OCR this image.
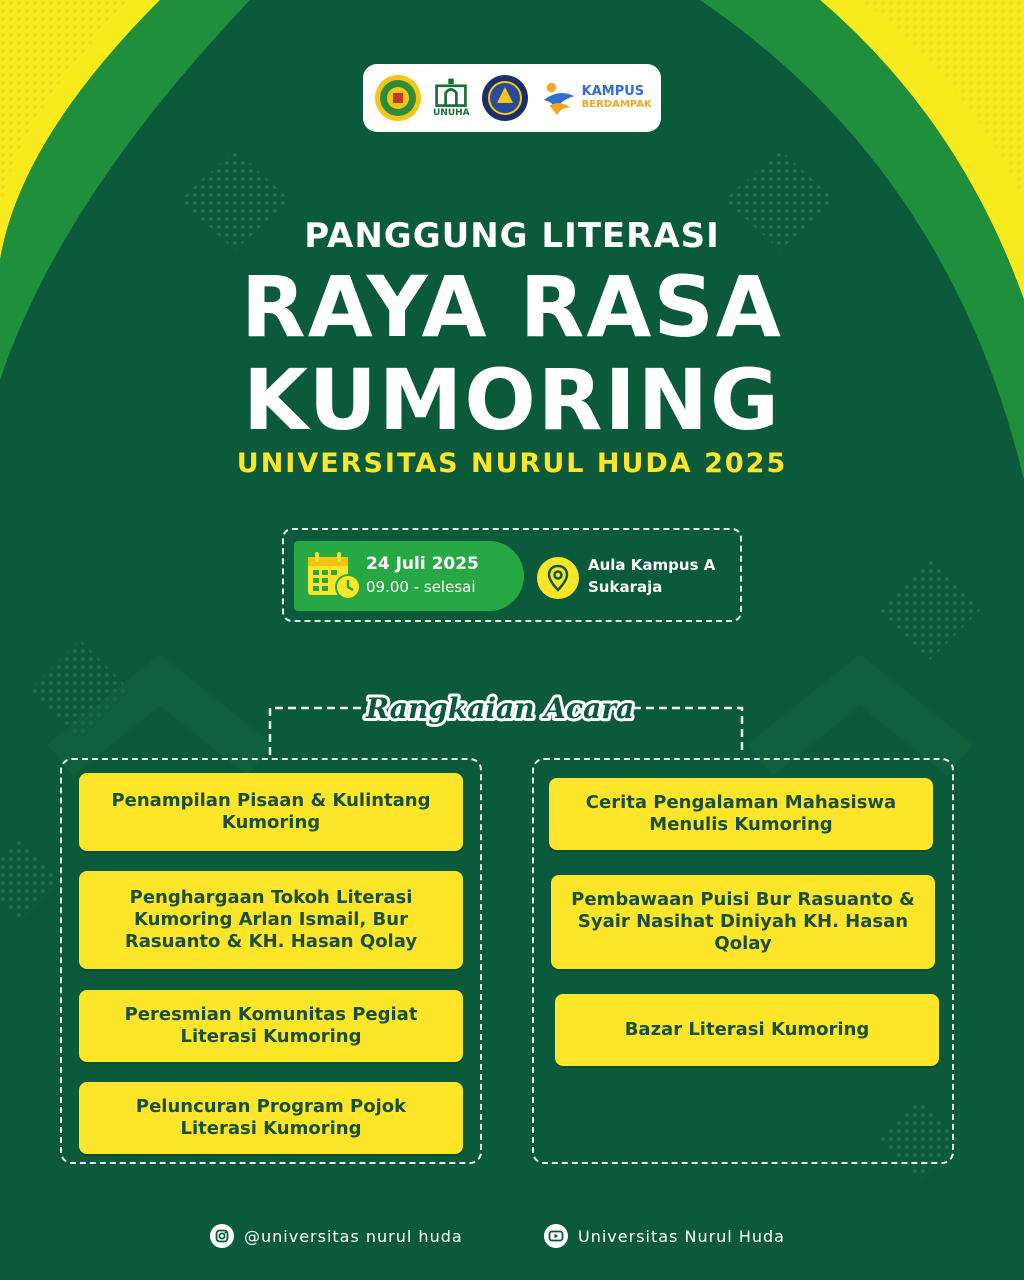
UNUHA
KAMPUS
BERDAMPAK
PANGGUNG LITERASI
RAYA RASA
KUMORING
UNIVERSITAS NURUL HUDA 2025
24 Juli 2025
09.00 - selesai
Aula Kampus A
Sukaraja
Rangkaian Acara
Penampilan Pisaan & Kulintang Kumoring
Penghargaan Tokoh Literasi Kumoring Arlan Ismail, Bur Rasuanto & KH. Hasan Qolay
Peresmian Komunitas Pegiat Literasi Kumoring
Peluncuran Program Pojok Literasi Kumoring
Cerita Pengalaman Mahasiswa Menulis Kumoring
Pembawaan Puisi Bur Rasuanto & Syair Nasihat Diniyah KH. Hasan Qolay
Bazar Literasi Kumoring
@universitas nurul huda	Universitas Nurul Huda
